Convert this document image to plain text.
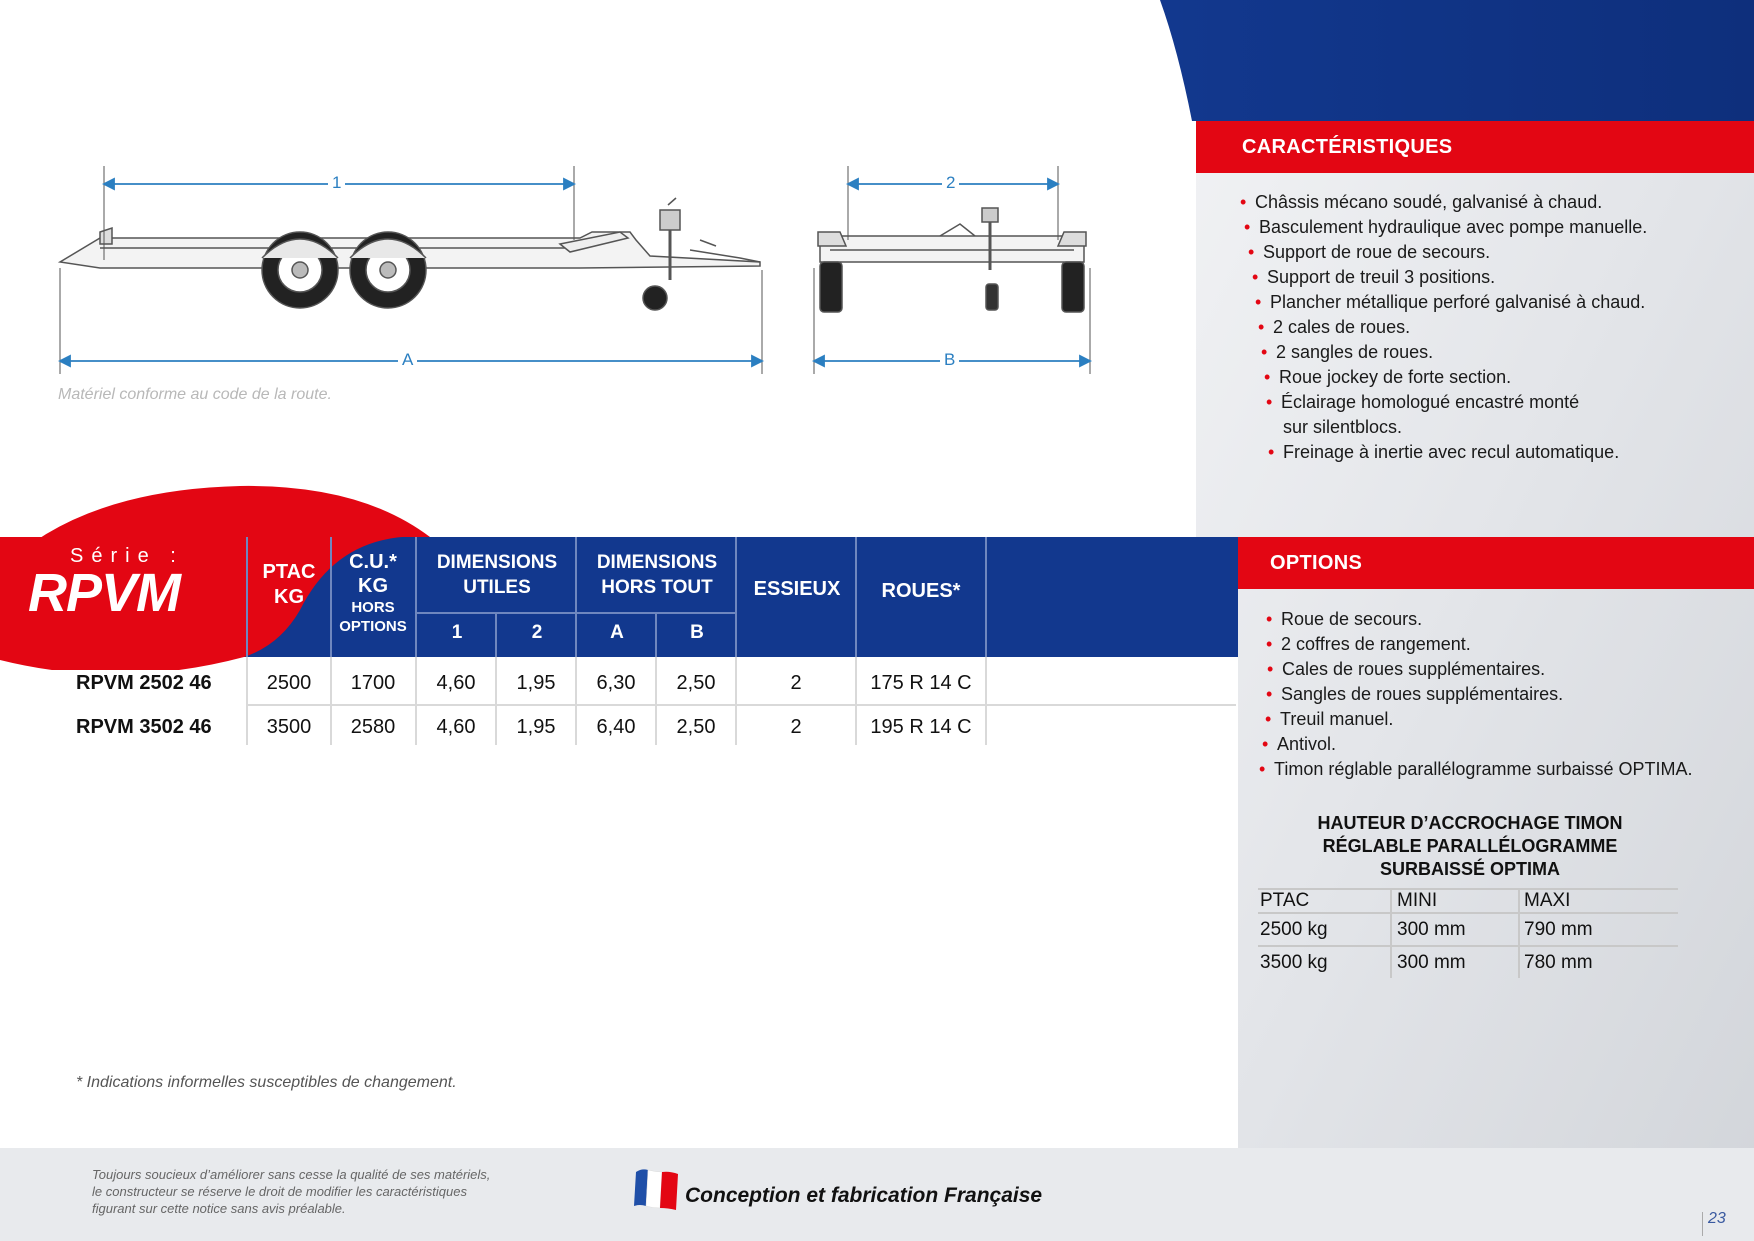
1	2
A	B
Matériel conforme au code de la route.
CARACTÉRISTIQUES
• Châssis mécano soudé, galvanisé à chaud.
• Basculement hydraulique avec pompe manuelle.
• Support de roue de secours.
• Support de treuil 3 positions.
• Plancher métallique perforé galvanisé à chaud.
• 2 cales de roues.
• 2 sangles de roues.
• Roue jockey de forte section.
• Éclairage homologué encastré monté
sur silentblocs.
• Freinage à inertie avec recul automatique.
Série :
RPVM	PTAC
KG
C.U.*
KG
HORS
OPTIONS
DIMENSIONS
UTILES
DIMENSIONS
HORS TOUT
1	2	A	B
ESSIEUX	ROUES*
RPVM 2502 46	2500	1700	4,60	1,95	6,30	2,50	2	175 R 14 C
RPVM 3502 46	3500	2580	4,60	1,95	6,40	2,50	2	195 R 14 C
* Indications informelles susceptibles de changement.
OPTIONS
• Roue de secours.
• 2 coffres de rangement.
• Cales de roues supplémentaires.
• Sangles de roues supplémentaires.
• Treuil manuel.
• Antivol.
• Timon réglable parallélogramme surbaissé OPTIMA.
HAUTEUR D’ACCROCHAGE TIMON
RÉGLABLE PARALLÉLOGRAMME
SURBAISSÉ OPTIMA
PTAC	MINI	MAXI
2500 kg	300 mm	790 mm
3500 kg	300 mm	780 mm
Toujours soucieux d’améliorer sans cesse la qualité de ses matériels,
le constructeur se réserve le droit de modifier les caractéristiques
figurant sur cette notice sans avis préalable.
Conception et fabrication Française
23
